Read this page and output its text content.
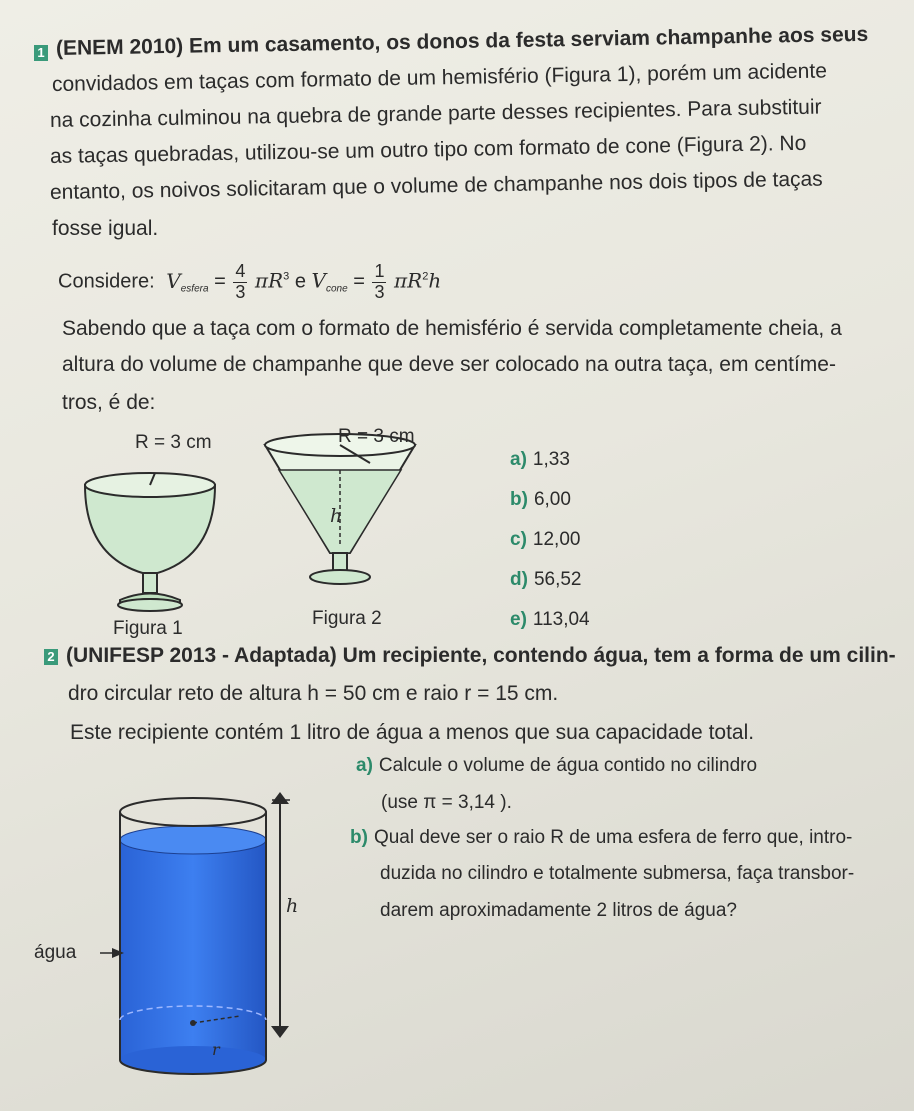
1 (ENEM 2010) Em um casamento, os donos da festa serviam champanhe aos seus
convidados em taças com formato de um hemisfério (Figura 1), porém um acidente
na cozinha culminou na quebra de grande parte desses recipientes. Para substituir
as taças quebradas, utilizou-se um outro tipo com formato de cone (Figura 2). No
entanto, os noivos solicitaram que o volume de champanhe nos dois tipos de taças
fosse igual.
Considere: $V_{esfera} = \frac{4}{3} \pi R^3$ e $V_{cone} = \frac{1}{3} \pi R^2h$
Sabendo que a taça com o formato de hemisfério é servida completamente cheia, a
altura do volume de champanhe que deve ser colocado na outra taça, em centíme-
tros, é de:
R = 3 cm	R = 3 cm
h
Figura 1	Figura 2
a) 1,33
b) 6,00
c) 12,00
d) 56,52
e) 113,04
2 (UNIFESP 2013 - Adaptada) Um recipiente, contendo água, tem a forma de um cilin-
dro circular reto de altura h = 50 cm e raio r = 15 cm.
Este recipiente contém 1 litro de água a menos que sua capacidade total.
a) Calcule o volume de água contido no cilindro
(use π = 3,14 ).
b) Qual deve ser o raio R de uma esfera de ferro que, intro-
duzida no cilindro e totalmente submersa, faça transbor-
darem aproximadamente 2 litros de água?
h
r
água
